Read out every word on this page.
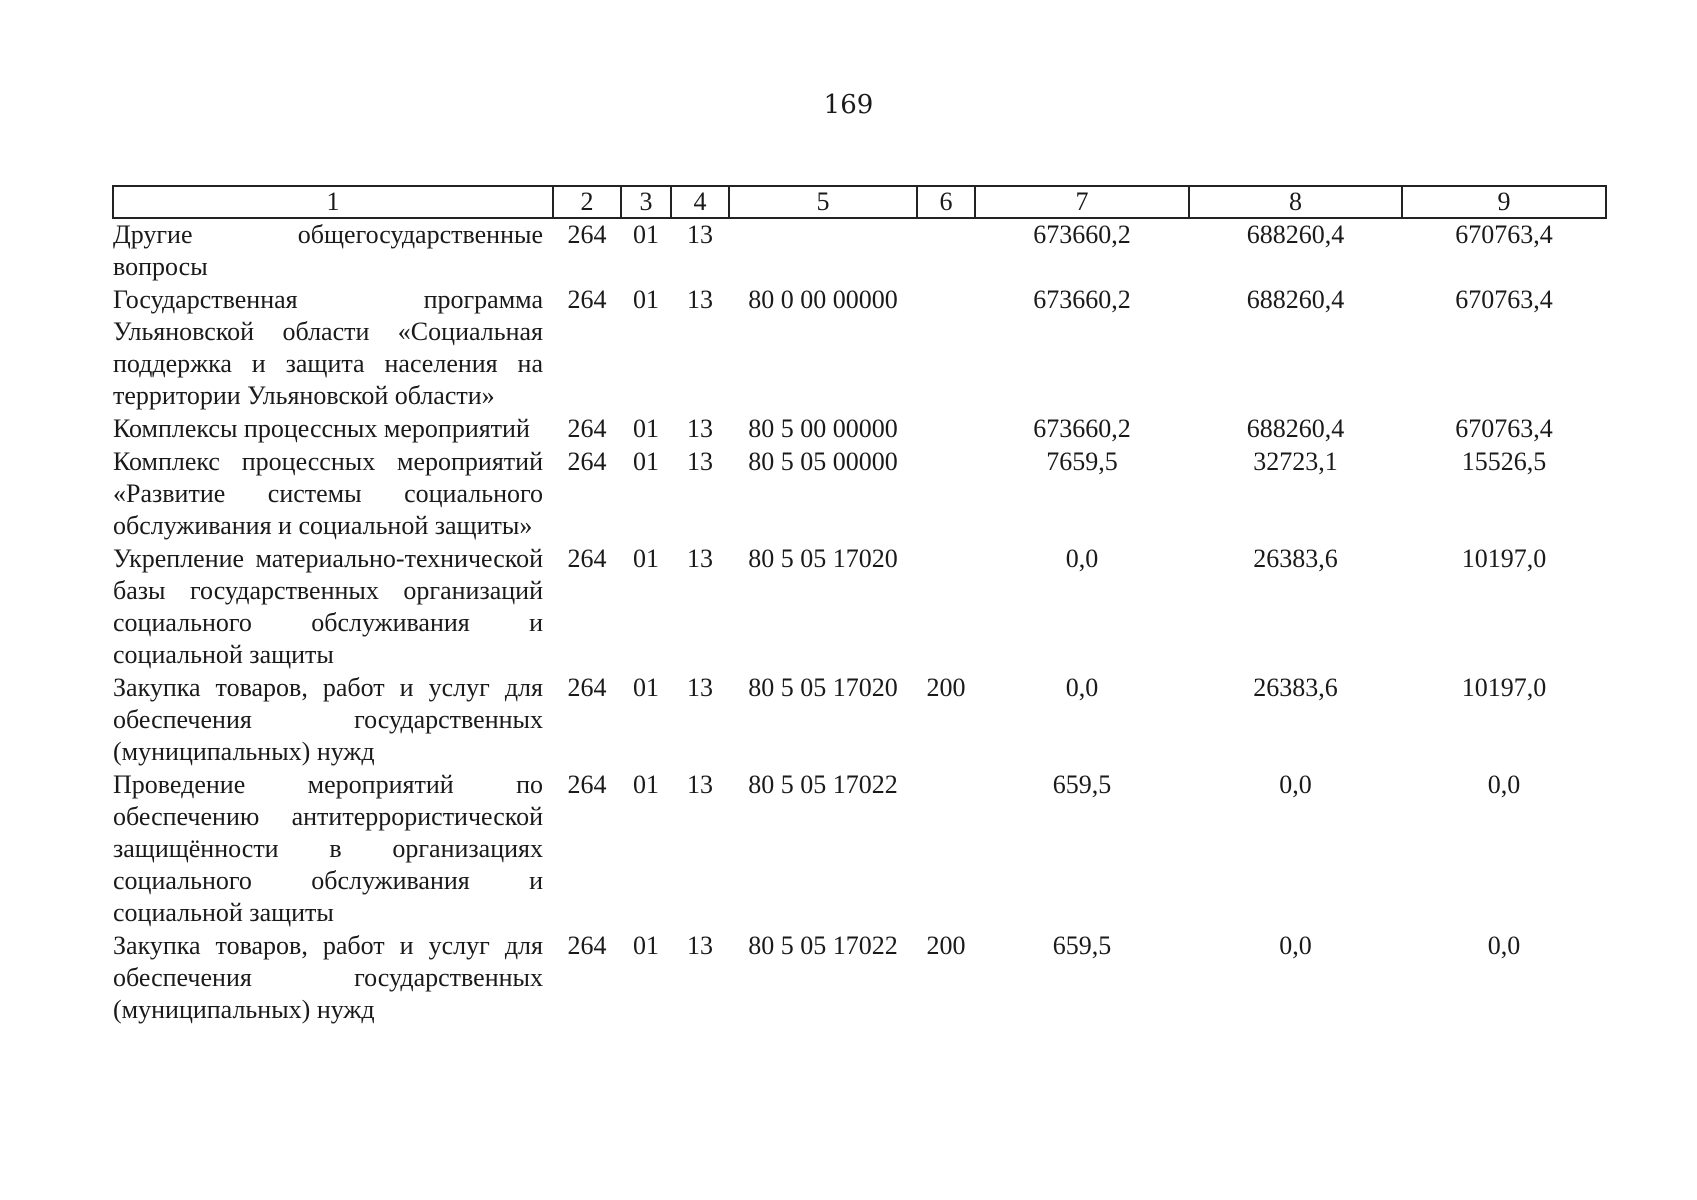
169
1	2	3	4	5	6	7	8	9
Другие общегосударственные вопросы	264	01	13			673660,2	688260,4	670763,4
Государственная программа Ульяновской области «Социальная поддержка и защита населения на территории Ульяновской области»	264	01	13	80 0 00 00000		673660,2	688260,4	670763,4
Комплексы процессных мероприятий	264	01	13	80 5 00 00000		673660,2	688260,4	670763,4
Комплекс процессных мероприятий «Развитие системы социального обслуживания и социальной защиты»	264	01	13	80 5 05 00000		7659,5	32723,1	15526,5
Укрепление материально-технической базы государственных организаций социального обслуживания и социальной защиты	264	01	13	80 5 05 17020		0,0	26383,6	10197,0
Закупка товаров, работ и услуг для обеспечения государственных (муниципальных) нужд	264	01	13	80 5 05 17020	200	0,0	26383,6	10197,0
Проведение мероприятий по обеспечению антитеррористической защищённости в организациях социального обслуживания и социальной защиты	264	01	13	80 5 05 17022		659,5	0,0	0,0
Закупка товаров, работ и услуг для обеспечения государственных (муниципальных) нужд	264	01	13	80 5 05 17022	200	659,5	0,0	0,0
